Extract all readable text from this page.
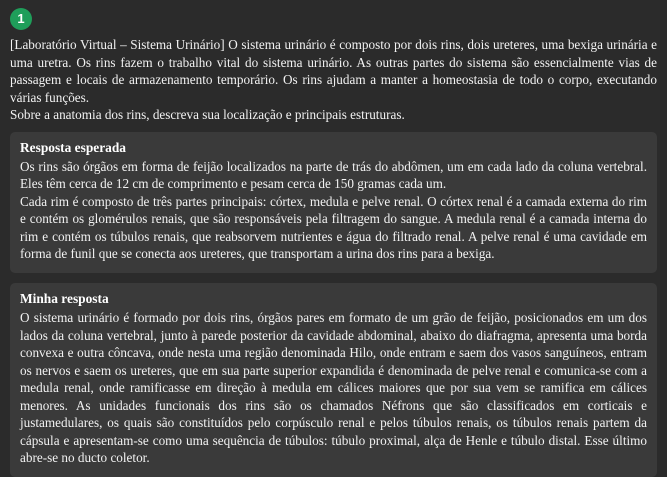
1
[Laboratório Virtual – Sistema Urinário] O sistema urinário é composto por dois rins, dois ureteres, uma bexiga urinária e uma uretra. Os rins fazem o trabalho vital do sistema urinário. As outras partes do sistema são essencialmente vias de passagem e locais de armazenamento temporário. Os rins ajudam a manter a homeostasia de todo o corpo, executando várias funções.
Sobre a anatomia dos rins, descreva sua localização e principais estruturas.
Resposta esperada

Os rins são órgãos em forma de feijão localizados na parte de trás do abdômen, um em cada lado da coluna vertebral. Eles têm cerca de 12 cm de comprimento e pesam cerca de 150 gramas cada um.

Cada rim é composto de três partes principais: córtex, medula e pelve renal. O córtex renal é a camada externa do rim e contém os glomérulos renais, que são responsáveis pela filtragem do sangue. A medula renal é a camada interna do rim e contém os túbulos renais, que reabsorvem nutrientes e água do filtrado renal. A pelve renal é uma cavidade em forma de funil que se conecta aos ureteres, que transportam a urina dos rins para a bexiga.

Minha resposta

O sistema urinário é formado por dois rins, órgãos pares em formato de um grão de feijão, posicionados em um dos lados da coluna vertebral, junto à parede posterior da cavidade abdominal, abaixo do diafragma, apresenta uma borda convexa e outra côncava, onde nesta uma região denominada Hilo, onde entram e saem dos vasos sanguíneos, entram os nervos e saem os ureteres, que em sua parte superior expandida é denominada de pelve renal e comunica-se com a medula renal, onde ramificasse em direção à medula em cálices maiores que por sua vem se ramifica em cálices menores. As unidades funcionais dos rins são os chamados Néfrons que são classificados em corticais e justamedulares, os quais são constituídos pelo corpúsculo renal e pelos túbulos renais, os túbulos renais partem da cápsula e apresentam-se como uma sequência de túbulos: túbulo proximal, alça de Henle e túbulo distal. Esse último abre-se no ducto coletor.
